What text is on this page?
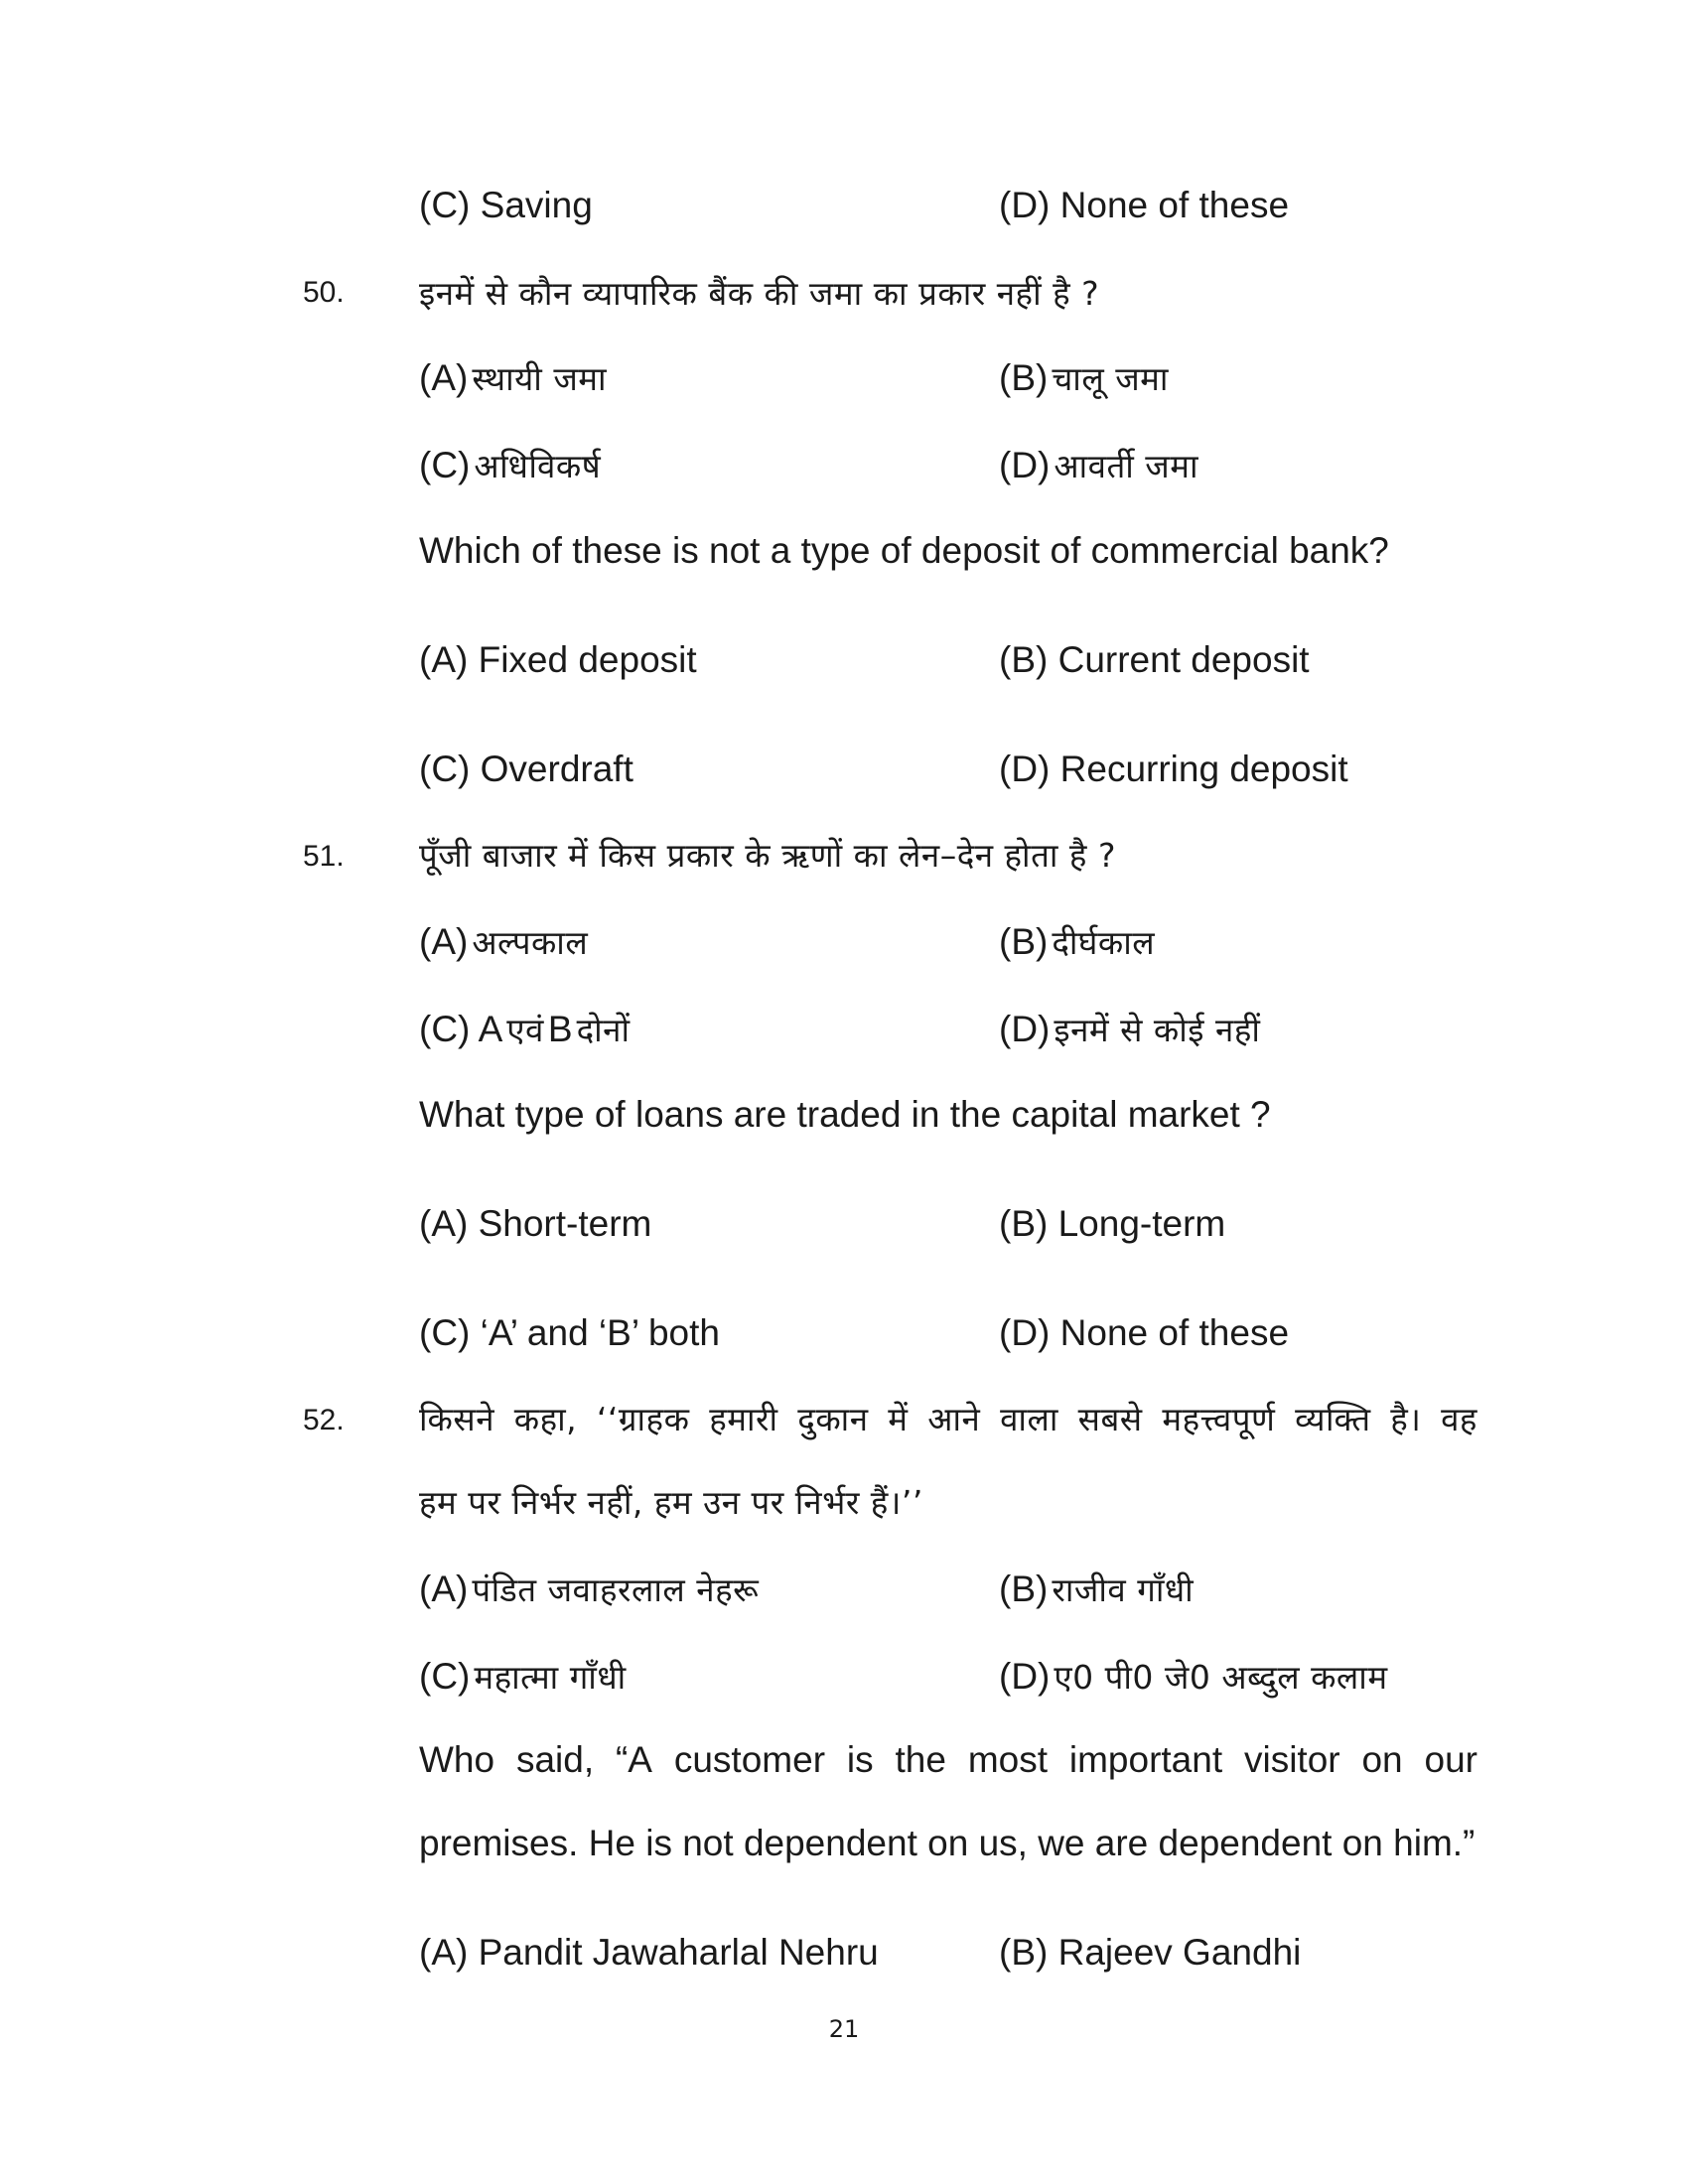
(C) Saving	(D) None of these
50. इनमें से कौन व्यापारिक बैंक की जमा का प्रकार नहीं है ?
(A) स्थायी जमा	(B) चालू जमा
(C) अधिविकर्ष	(D) आवर्ती जमा
Which of these is not a type of deposit of commercial bank?
(A) Fixed deposit	(B) Current deposit
(C) Overdraft	(D) Recurring deposit
51. पूँजी बाजार में किस प्रकार के ऋणों का लेन–देन होता है ?
(A) अल्पकाल	(B) दीर्घकाल
(C) A एवं B दोनों	(D) इनमें से कोई नहीं
What type of loans are traded in the capital market ?
(A) Short-term	(B) Long-term
(C) ‘A’ and ‘B’ both	(D) None of these
52. किसने कहा, ‘‘ग्राहक हमारी दुकान में आने वाला सबसे महत्त्वपूर्ण व्यक्ति है। वह
हम पर निर्भर नहीं, हम उन पर निर्भर हैं।’’
(A) पंडित जवाहरलाल नेहरू	(B) राजीव गाँधी
(C) महात्मा गाँधी	(D) ए0 पी0 जे0 अब्दुल कलाम
Who said, “A customer is the most important visitor on our
premises. He is not dependent on us, we are dependent on him.”
(A) Pandit Jawaharlal Nehru	(B) Rajeev Gandhi
21
